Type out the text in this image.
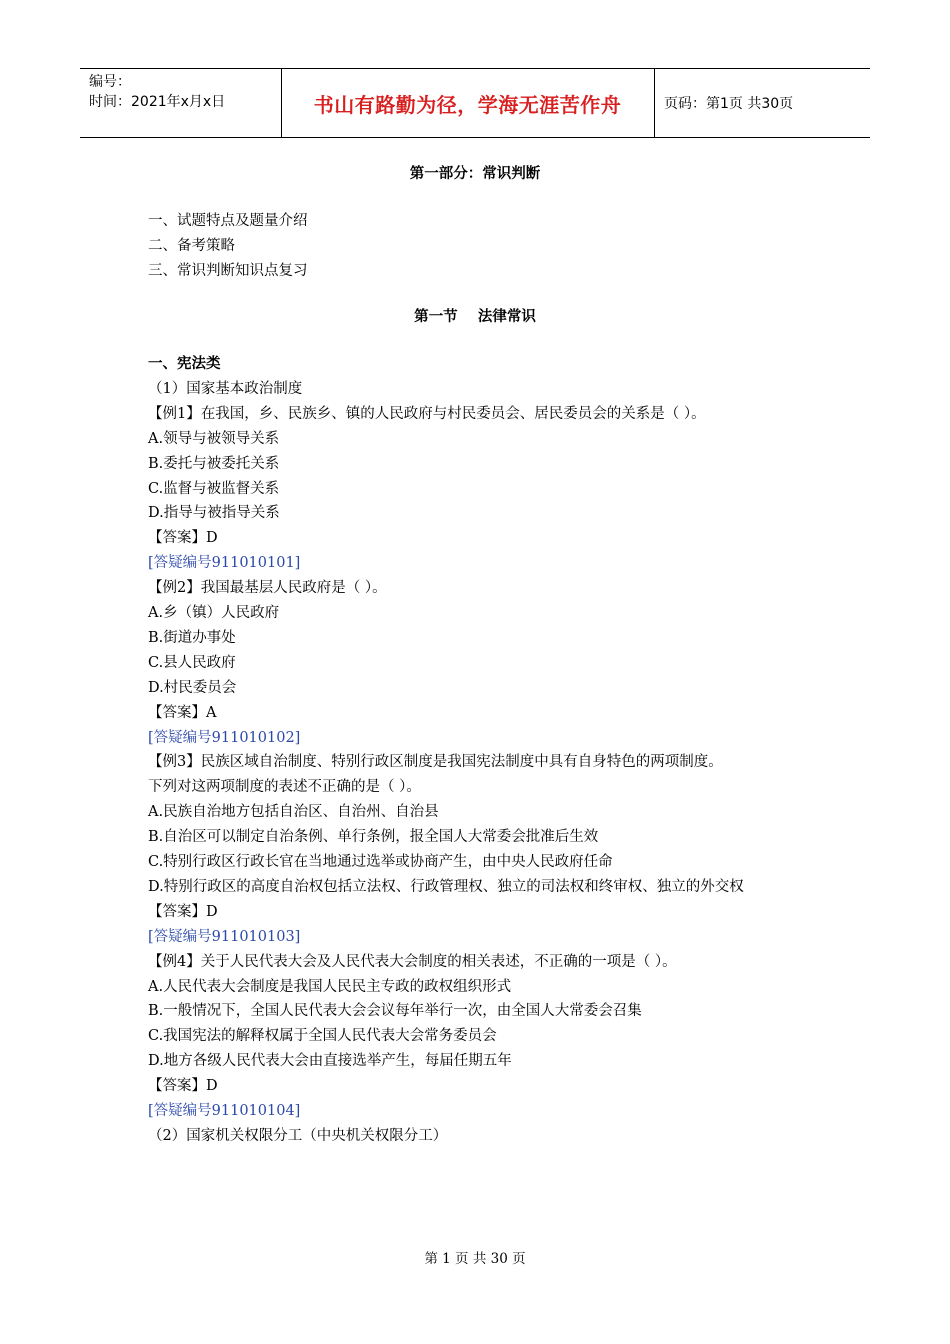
编号：
时间：2021年x月x日	书山有路勤为径，学海无涯苦作舟	页码：第1页 共30页
第一部分：常识判断
一、试题特点及题量介绍
二、备考策略
三、常识判断知识点复习
第一节    法律常识
一、宪法类
（1）国家基本政治制度
【例1】在我国，乡、民族乡、镇的人民政府与村民委员会、居民委员会的关系是（ ）。
A.领导与被领导关系
B.委托与被委托关系
C.监督与被监督关系
D.指导与被指导关系
【答案】D
[答疑编号911010101]
【例2】我国最基层人民政府是（ ）。
A.乡（镇）人民政府
B.街道办事处
C.县人民政府
D.村民委员会
【答案】A
[答疑编号911010102]
【例3】民族区域自治制度、特别行政区制度是我国宪法制度中具有自身特色的两项制度。
下列对这两项制度的表述不正确的是（ ）。
A.民族自治地方包括自治区、自治州、自治县
B.自治区可以制定自治条例、单行条例，报全国人大常委会批准后生效
C.特别行政区行政长官在当地通过选举或协商产生，由中央人民政府任命
D.特别行政区的高度自治权包括立法权、行政管理权、独立的司法权和终审权、独立的外交权
【答案】D
[答疑编号911010103]
【例4】关于人民代表大会及人民代表大会制度的相关表述，不正确的一项是（ ）。
A.人民代表大会制度是我国人民民主专政的政权组织形式
B.一般情况下，全国人民代表大会会议每年举行一次，由全国人大常委会召集
C.我国宪法的解释权属于全国人民代表大会常务委员会
D.地方各级人民代表大会由直接选举产生，每届任期五年
【答案】D
[答疑编号911010104]
（2）国家机关权限分工（中央机关权限分工）
第 1 页 共 30 页
